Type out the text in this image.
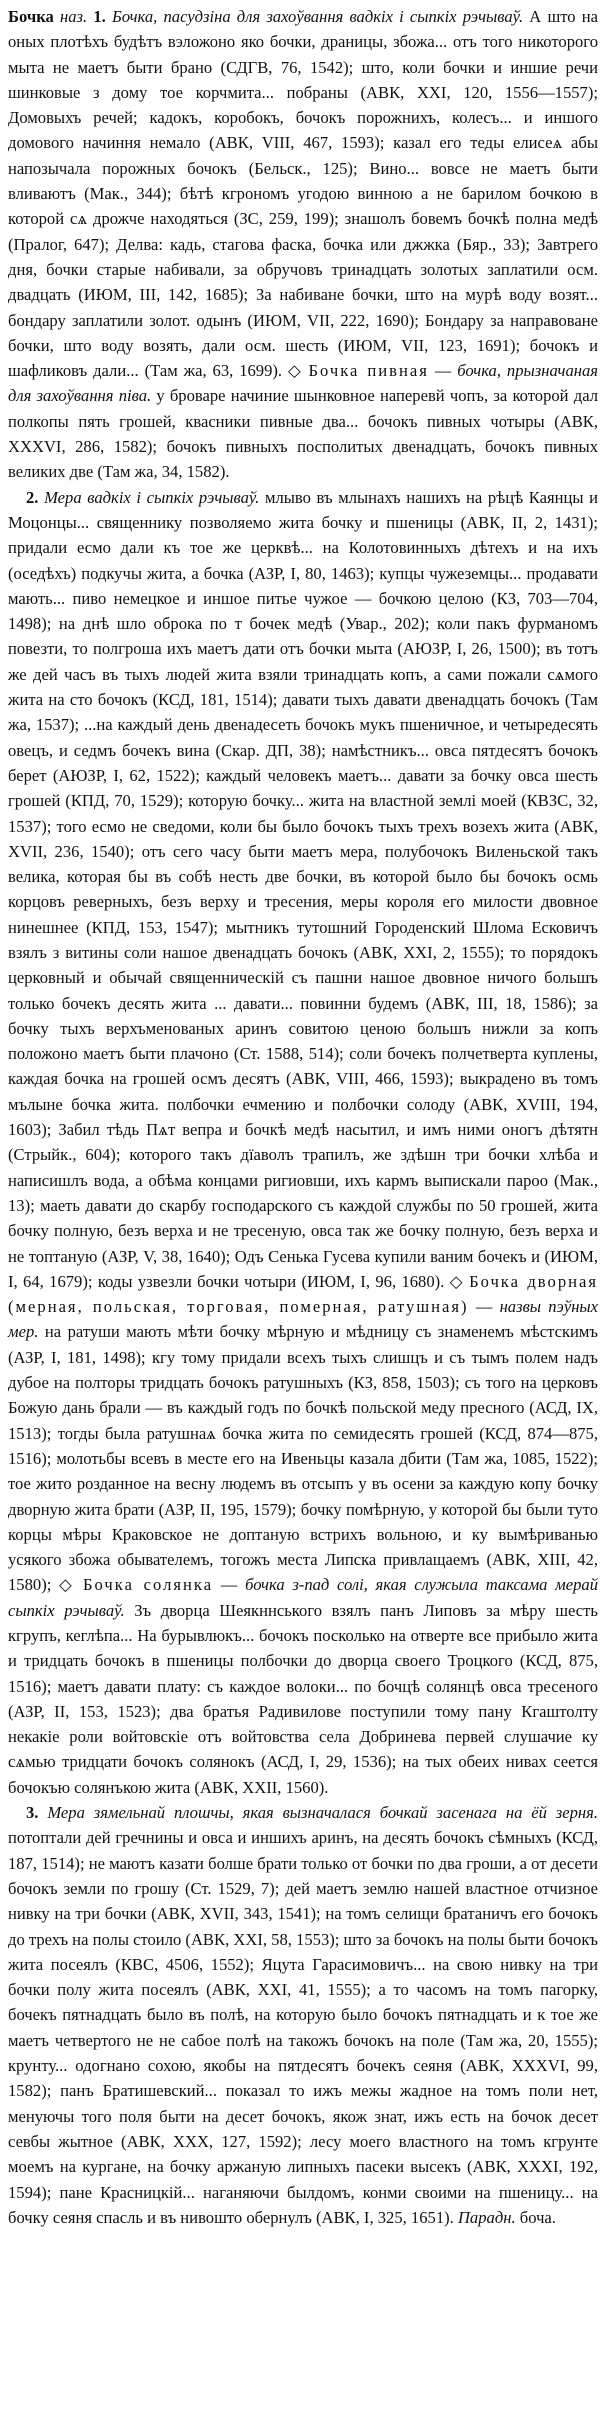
Бочка наз. 1. Бочка, пасудзіна для захоўвання вадкіх і сыпкіх рэчываў. А што на оных плотѣхъ будѣтъ вэложоно яко бочки, драницы, збожа... отъ того никоторого мыта не маетъ быти брано (СДГВ, 76, 1542); што, коли бочки и иншие речи шинковые з дому тое корчмита... побраны (АВК, XXI, 120, 1556—1557); Домовыхъ речей; кадокъ, коробокъ, бочокъ порожнихъ, колесъ... и иншого домового начиння немало (АВК, VIII, 467, 1593); казал его теды елисеѧ абы напозычала порожных бочокъ (Бельск., 125); Вино... вовсе не маетъ быти вливаютъ (Мак., 344); бѣтѣ кгрономъ угодою винною а не барилом бочкою в которой сѧ дрожче находяться (ЗС, 259, 199); знашолъ бовемъ бочкѣ полна медѣ (Пралог, 647); Делва: кадь, стагова фаска, бочка или джжка (Бяр., 33); Завтрего дня, бочки старые набивали, за обручовъ тринадцать золотых заплатили осм. двадцать (ИЮМ, III, 142, 1685); За набиване бочки, што на мурѣ воду возят... бондару заплатили золот. одынъ (ИЮМ, VII, 222, 1690); Бондару за направоване бочки, што воду возять, дали осм. шесть (ИЮМ, VII, 123, 1691); бочокъ и шафликовъ дали... (Там жа, 63, 1699). ◇ Бочка пивная — бочка, прызначаная для захоўвання піва. у броваре начиние шынковное наперевй чопъ, за которой дал полкопы пять грошей, квасники пивные два... бочокъ пивных чотыры (АВК, XXXVI, 286, 1582); бочокъ пивныхъ посполитых двенадцать, бочокъ пивных великих две (Там жа, 34, 1582).

2. Мера вадкіх і сыпкіх рэчываў. млыво въ млынахъ нашихъ на рѣцѣ Каянцы и Моцонцы... священнику позволяемо жита бочку и пшеницы (АВК, II, 2, 1431); придали есмо дали къ тое же церквѣ... на Колотовинныхъ дѣтехъ и на ихъ (оседѣхъ) подкучы жита, а бочка (АЗР, I, 80, 1463); купцы чужеземцы... продавати мають... пиво немецкое и иншое питье чужое — бочкою целою (КЗ, 703—704, 1498); на днѣ шло оброка по т бочек медѣ (Увар., 202); коли пакъ фурманомъ повезти, то полгроша ихъ маетъ дати отъ бочки мыта (АЮЗР, I, 26, 1500); въ тотъ же дей часъ въ тыхъ людей жита взяли тринадцать копъ, а сами пожали сѧмого жита на сто бочокъ (КСД, 181, 1514); давати тыхъ давати двенадцать бочокъ (Там жа, 1537); ...на каждый день двенадесеть бочокъ мукъ пшеничное, и четыредесять овецъ, и седмъ бочекъ вина (Скар. ДП, 38); намѣстникъ... овса пятдесятъ бочокъ берет (АЮЗР, I, 62, 1522); каждый человекъ маетъ... давати за бочку овса шесть грошей (КПД, 70, 1529); которую бочку... жита на властной землі моей (КВЗС, 32, 1537); того есмо не сведоми, коли бы было бочокъ тыхъ трехъ возехъ жита (АВК, XVII, 236, 1540); отъ сего часу быти маетъ мера, полубочокъ Виленьской такъ велика, которая бы въ собѣ несть две бочки, въ которой было бы бочокъ осмь корцовъ реверныхъ, безъ верху и тресения, меры короля его милости двовное нинешнее (КПД, 153, 1547); мытникъ тутошний Городенский Шлома Есковичъ взялъ з витины соли нашое двенадцать бочокъ (АВК, XXI, 2, 1555); то порядокъ церковный и обычай священническій съ пашни нашое двовное ничого большъ только бочекъ десять жита ... давати... повинни будемъ (АВК, III, 18, 1586); за бочку тыхъ верхъменованых аринъ совитою ценою большъ нижли за копъ положоно маетъ быти плачоно (Ст. 1588, 514); соли бочекъ полчетверта куплены, каждая бочка на грошей осмъ десятъ (АВК, VIII, 466, 1593); выкрадено въ томъ мълыне бочка жита. полбочки ечмению и полбочки солоду (АВК, XVIII, 194, 1603); Забил тѣдь Пѧт вепра и бочкѣ медѣ насытил, и имъ ними оногъ дѣтятн (Стрыйк., 604); которого такъ дїаволъ трапилъ, же здѣшн три бочки хлѣба и написишлъ вода, а обѣма концами ригиовши, ихъ кармъ выпискали пароо (Мак., 13); маеть давати до скарбу господарского съ каждой службы по 50 грошей, жита бочку полную, безъ верха и не тресеную, овса так же бочку полную, безъ верха и не топтаную (АЗР, V, 38, 1640); Одъ Сенька Гусева купили ваним бочекъ и (ИЮМ, I, 64, 1679); коды узвезли бочки чотыри (ИЮМ, I, 96, 1680). ◇ Бочка дворная (мерная, польская, торговая, померная, ратушная) — назвы пэўных мер. на ратуши мають мѣти бочку мѣрную и мѣдницу съ знаменемъ мѣстскимъ (АЗР, I, 181, 1498); кгу тому придали всехъ тыхъ слишцъ и съ тымъ полем надъ дубое на полторы тридцать бочокъ ратушныхъ (КЗ, 858, 1503); съ того на церковъ Божую дань брали — въ каждый годъ по бочкѣ польской меду пресного (АСД, IX, 1513); тогды была ратушнаѧ бочка жита по семидесять грошей (КСД, 874—875, 1516); молотьбы всевъ в месте его на Ивеньцы казала дбити (Там жа, 1085, 1522); тое жито розданное на весну людемъ въ отсыпъ у въ осени за каждую копу бочку дворную жита брати (АЗР, II, 195, 1579); бочку помѣрную, у которой бы были туто корцы мѣры Краковское не доптаную встрихъ вольною, и ку вымѣриванью усякого збожа обывателемъ, тогожъ места Липска привлащаемъ (АВК, XIII, 42, 1580); ◇ Бочка солянка — бочка з-пад солі, якая служыла таксама мерай сыпкіх рэчываў. Зъ дворца Шеякннського взялъ панъ Липовъ за мѣру шесть кгрупъ, кеглѣпа... На бурывлюкъ... бочокъ посколько на отверте все прибыло жита и тридцать бочокъ в пшеницы полбочки до дворца своего Троцкого (КСД, 875, 1516); маетъ давати плату: съ каждое волоки... по бочцѣ солянцѣ овса тресеного (АЗР, II, 153, 1523); два братья Радивилове поступили тому пану Кгаштолту некакіе роли войтовскіе отъ войтовства села Добринева первей слушачие ку сѧмью тридцати бочокъ солянокъ (АСД, I, 29, 1536); на тых обеих нивах сеется бочокъю солянъкою жита (АВК, XXII, 1560).

3. Мера зямельнай плошчы, якая вызначалася бочкай засенага на ёй зерня. потоптали дей гречнины и овса и иншихъ аринъ, на десять бочокъ сѣмныхъ (КСД, 187, 1514); не маютъ казати болше брати только от бочки по два гроши, а от десети бочокъ земли по грошу (Ст. 1529, 7); дей маетъ землю нашей властное отчизное нивку на три бочки (АВК, XVII, 343, 1541); на томъ селищи братаничъ его бочокъ до трехъ на полы стоило (АВК, XXI, 58, 1553); што за бочокъ на полы быти бочокъ жита посеялъ (КВС, 4506, 1552); Яцута Гарасимовичъ... на свою нивку на три бочки полу жита посеялъ (АВК, XXI, 41, 1555); а то часомъ на томъ пагорку, бочекъ пятнадцать было въ полѣ, на которую было бочокъ пятнадцать и к тое же маетъ четвертого не не сабое полѣ на такожъ бочокъ на поле (Там жа, 20, 1555); крунту... одогнано сохою, якобы на пятдесятъ бочекъ сеяня (АВК, XXXVI, 99, 1582); панъ Братишевский... показал то ижъ межы жадное на томъ поли нет, менуючы того поля быти на десет бочокъ, якож знат, ижъ есть на бочок десет севбы жытное (АВК, ХХХ, 127, 1592); лесу моего властного на томъ кгрунте моемъ на кургане, на бочку аржаную липныхъ пасеки высекъ (АВК, XXXI, 192, 1594); пане Красницкій... наганяючи былдомъ, конми своими на пшеницу... на бочку сеяня спасль и въ нивошто обернулъ (АВК, I, 325, 1651). Парадн. боча.
